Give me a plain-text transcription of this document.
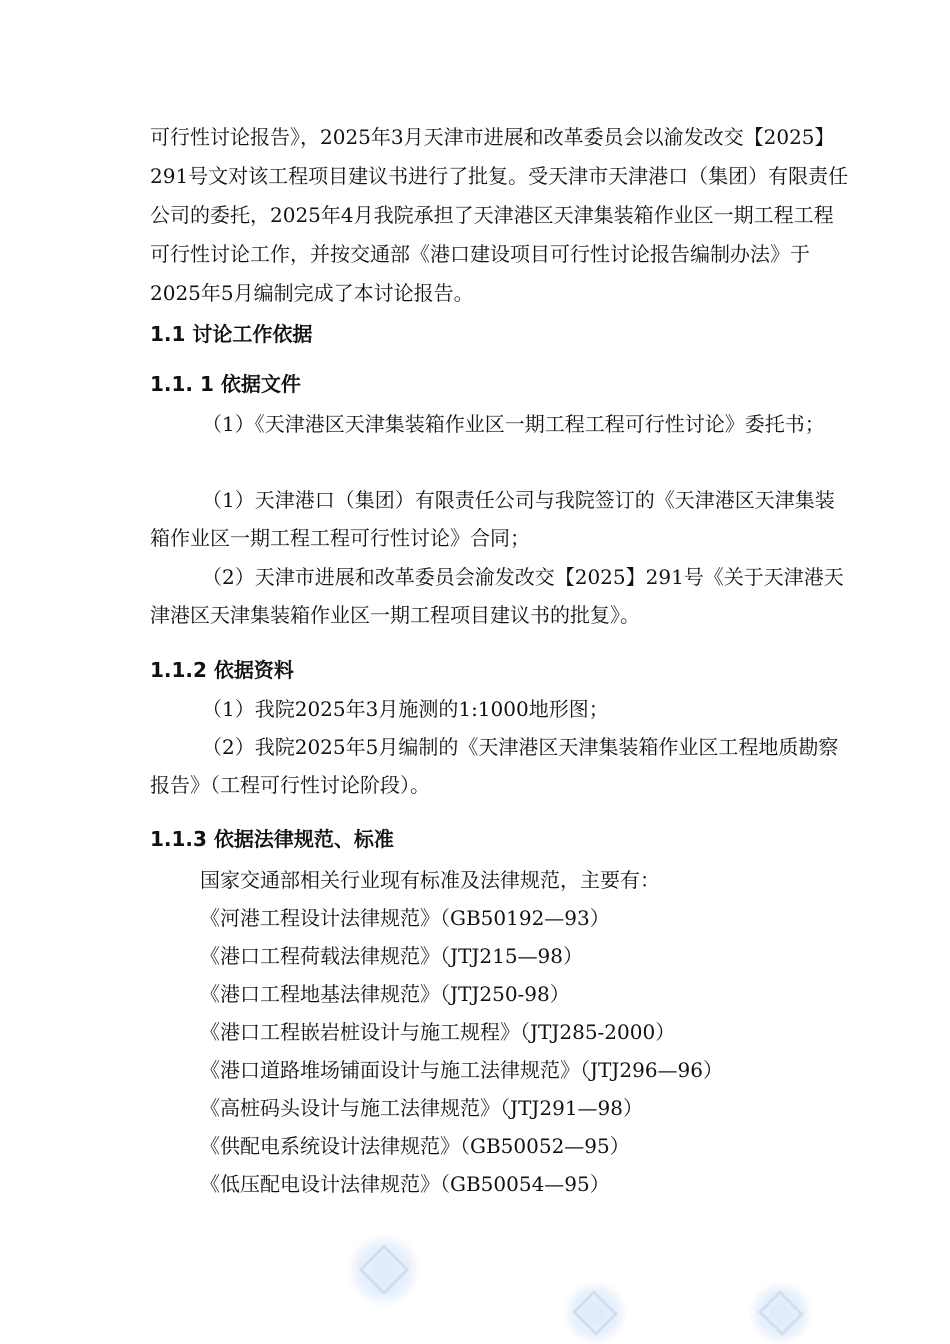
可行性讨论报告》，2025年3月天津市进展和改革委员会以渝发改交【2025】291号文对该工程项目建议书进行了批复。受天津市天津港口（集团）有限责任公司的委托，2025年4月我院承担了天津港区天津集装箱作业区一期工程工程可行性讨论工作，并按交通部《港口建设项目可行性讨论报告编制办法》于2025年5月编制完成了本讨论报告。

1.1 讨论工作依据
1.1. 1 依据文件

（1）《天津港区天津集装箱作业区一期工程工程可行性讨论》委托书；

（1）天津港口（集团）有限责任公司与我院签订的《天津港区天津集装箱作业区一期工程工程可行性讨论》合同；

（2）天津市进展和改革委员会渝发改交【2025】291号《关于天津港天津港区天津集装箱作业区一期工程项目建议书的批复》。

1.1.2 依据资料

（1）我院2025年3月施测的1:1000地形图；

（2）我院2025年5月编制的《天津港区天津集装箱作业区工程地质勘察报告》（工程可行性讨论阶段）。

1.1.3 依据法律规范、标准

国家交通部相关行业现有标准及法律规范，主要有：

《河港工程设计法律规范》（GB50192—93）

《港口工程荷载法律规范》（JTJ215—98）

《港口工程地基法律规范》（JTJ250-98）

《港口工程嵌岩桩设计与施工规程》（JTJ285-2000）

《港口道路堆场铺面设计与施工法律规范》（JTJ296—96）

《高桩码头设计与施工法律规范》（JTJ291—98）

《供配电系统设计法律规范》（GB50052—95）

《低压配电设计法律规范》（GB50054—95）
